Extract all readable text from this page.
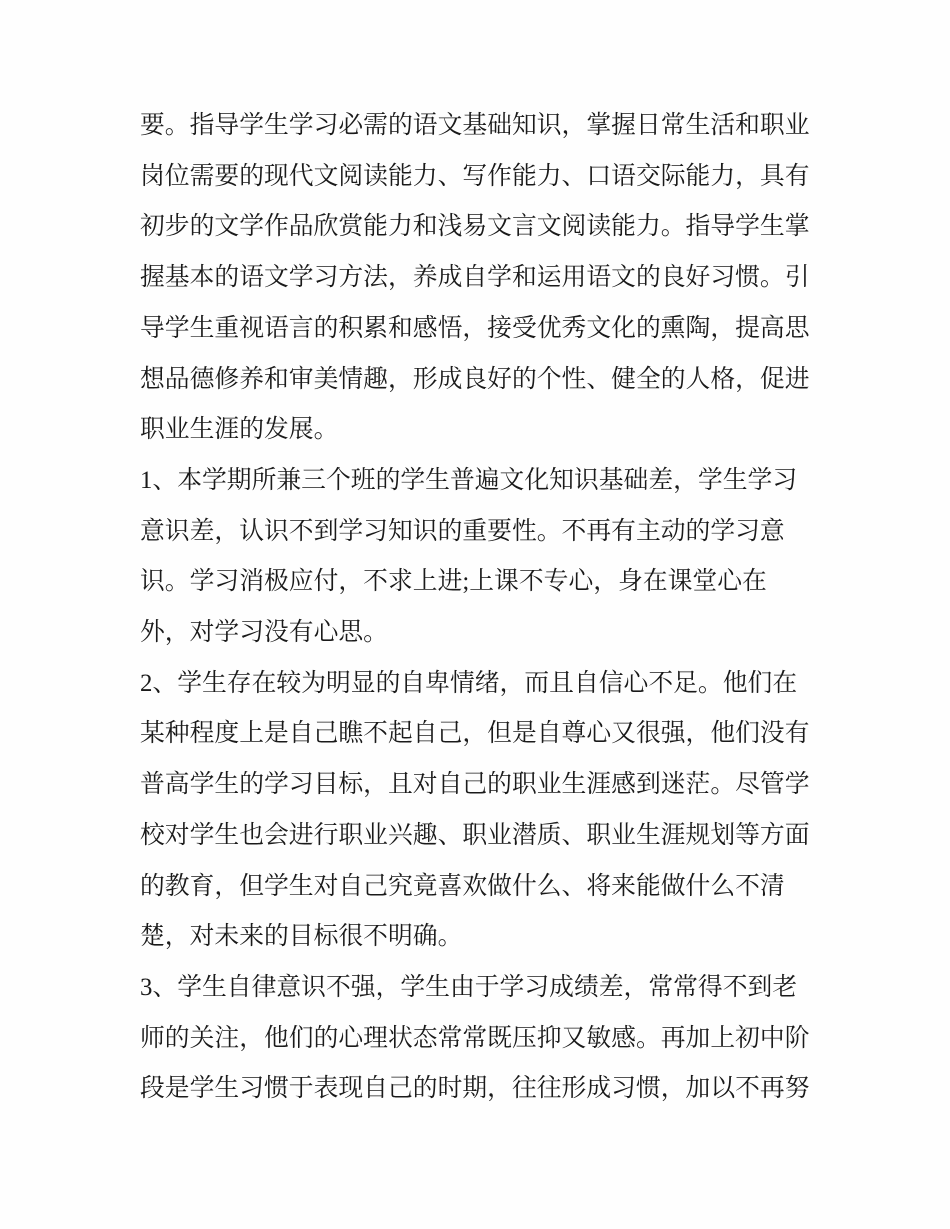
要。指导学生学习必需的语文基础知识，掌握日常生活和职业
岗位需要的现代文阅读能力、写作能力、口语交际能力，具有
初步的文学作品欣赏能力和浅易文言文阅读能力。指导学生掌
握基本的语文学习方法，养成自学和运用语文的良好习惯。引
导学生重视语言的积累和感悟，接受优秀文化的熏陶，提高思
想品德修养和审美情趣，形成良好的个性、健全的人格，促进
职业生涯的发展。
1、本学期所兼三个班的学生普遍文化知识基础差，学生学习
意识差，认识不到学习知识的重要性。不再有主动的学习意
识。学习消极应付，不求上进;上课不专心，身在课堂心在
外，对学习没有心思。
2、学生存在较为明显的自卑情绪，而且自信心不足。他们在
某种程度上是自己瞧不起自己，但是自尊心又很强，他们没有
普高学生的学习目标，且对自己的职业生涯感到迷茫。尽管学
校对学生也会进行职业兴趣、职业潜质、职业生涯规划等方面
的教育，但学生对自己究竟喜欢做什么、将来能做什么不清
楚，对未来的目标很不明确。
3、学生自律意识不强，学生由于学习成绩差，常常得不到老
师的关注，他们的心理状态常常既压抑又敏感。再加上初中阶
段是学生习惯于表现自己的时期，往往形成习惯，加以不再努
